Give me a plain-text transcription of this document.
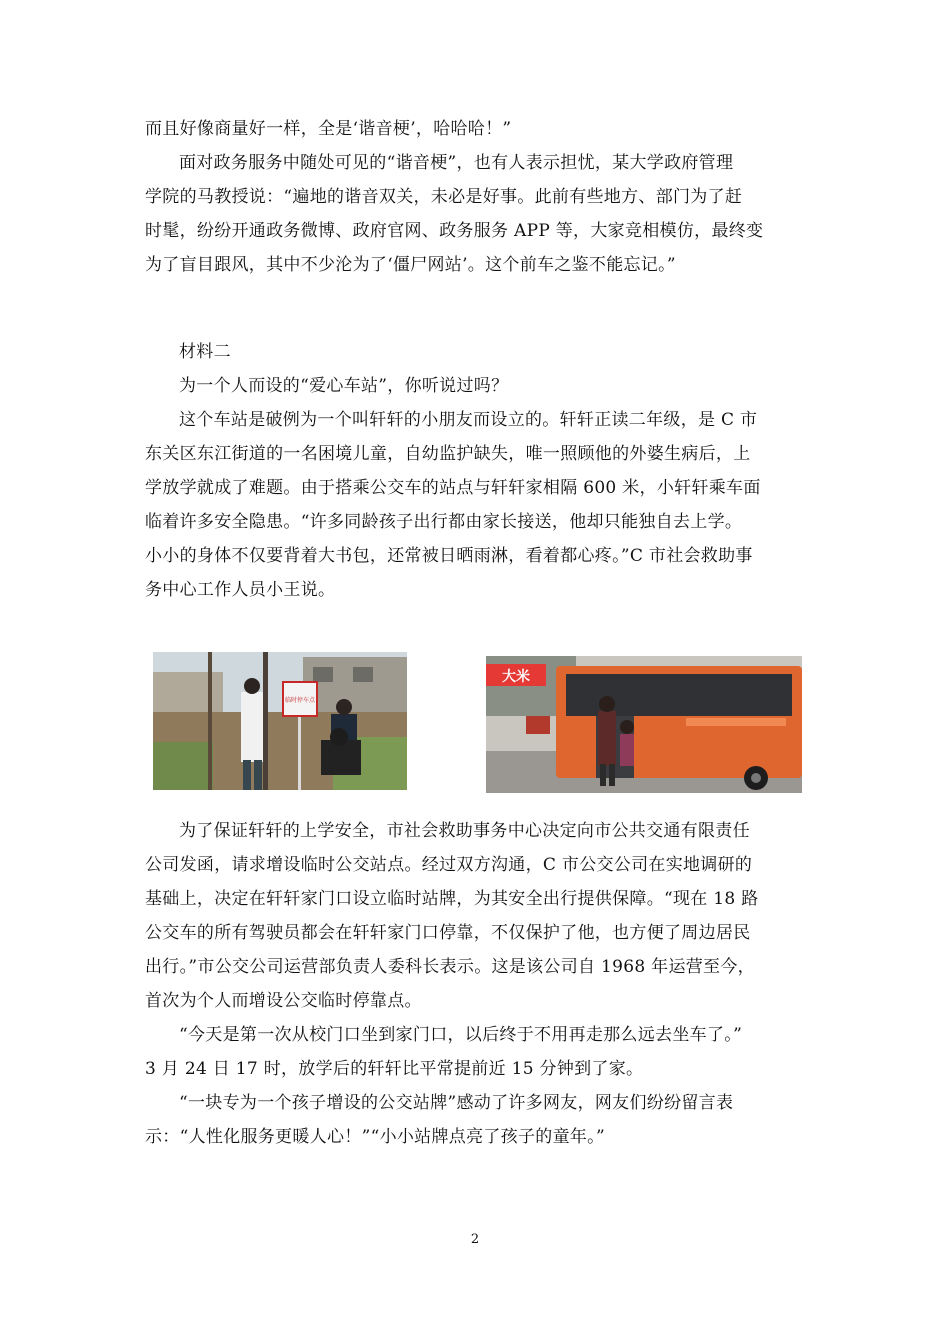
而且好像商量好一样，全是‘谐音梗’，哈哈哈！”
面对政务服务中随处可见的“谐音梗”，也有人表示担忧，某大学政府管理
学院的马教授说：“遍地的谐音双关，未必是好事。此前有些地方、部门为了赶
时髦，纷纷开通政务微博、政府官网、政务服务 APP 等，大家竞相模仿，最终变
为了盲目跟风，其中不少沦为了‘僵尸网站’。这个前车之鉴不能忘记。”
材料二
为一个人而设的“爱心车站”，你听说过吗？
这个车站是破例为一个叫轩轩的小朋友而设立的。轩轩正读二年级，是 C 市
东关区东江街道的一名困境儿童，自幼监护缺失，唯一照顾他的外婆生病后，上
学放学就成了难题。由于搭乘公交车的站点与轩轩家相隔 600 米，小轩轩乘车面
临着许多安全隐患。“许多同龄孩子出行都由家长接送，他却只能独自去上学。
小小的身体不仅要背着大书包，还常被日晒雨淋，看着都心疼。”C 市社会救助事
务中心工作人员小王说。
临时停车点
大米
为了保证轩轩的上学安全，市社会救助事务中心决定向市公共交通有限责任
公司发函，请求增设临时公交站点。经过双方沟通，C 市公交公司在实地调研的
基础上，决定在轩轩家门口设立临时站牌，为其安全出行提供保障。“现在 18 路
公交车的所有驾驶员都会在轩轩家门口停靠，不仅保护了他，也方便了周边居民
出行。”市公交公司运营部负责人委科长表示。这是该公司自 1968 年运营至今，
首次为个人而增设公交临时停靠点。
“今天是第一次从校门口坐到家门口，以后终于不用再走那么远去坐车了。”
3 月 24 日 17 时，放学后的轩轩比平常提前近 15 分钟到了家。
“一块专为一个孩子增设的公交站牌”感动了许多网友，网友们纷纷留言表
示：“人性化服务更暖人心！”“小小站牌点亮了孩子的童年。”
2
